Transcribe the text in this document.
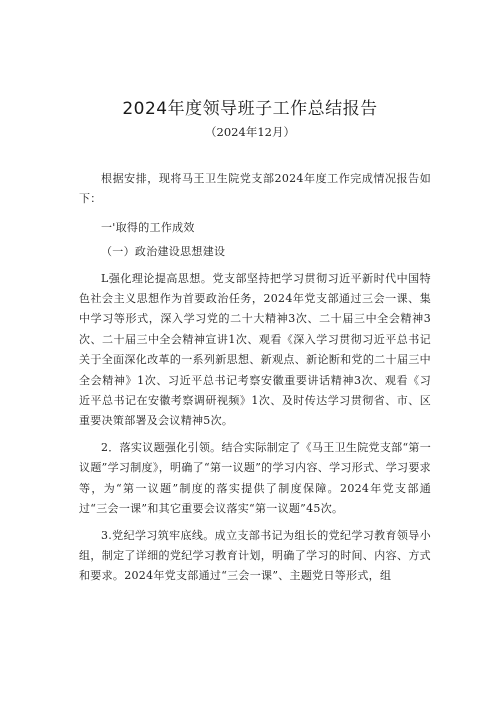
2024年度领导班子工作总结报告
（2024年12月）

根据安排，现将马王卫生院党支部2024年度工作完成情况报告如下：

一'取得的工作成效

（一）政治建设思想建设

L强化理论提高思想。党支部坚持把学习贯彻习近平新时代中国特色社会主义思想作为首要政治任务，2024年党支部通过三会一课、集中学习等形式，深入学习党的二十大精神3次、二十届三中全会精神3次、二十届三中全会精神宣讲1次、观看《深入学习贯彻习近平总书记关于全面深化改革的一系列新思想、新观点、新论断和党的二十届三中全会精神》1次、习近平总书记考察安徽重要讲话精神3次、观看《习近平总书记在安徽考察调研视频》1次、及时传达学习贯彻省、市、区重要决策部署及会议精神5次。

2．落实议题强化引领。结合实际制定了《马王卫生院党支部“第一议题”学习制度》，明确了“第一议题”的学习内容、学习形式、学习要求等，为“第一议题”制度的落实提供了制度保障。2024年党支部通过“三会一课”和其它重要会议落实“第一议题”45次。

3.党纪学习筑牢底线。成立支部书记为组长的党纪学习教育领导小组，制定了详细的党纪学习教育计划，明确了学习的时间、内容、方式和要求。2024年党支部通过“三会一课”、主题党日等形式，组
